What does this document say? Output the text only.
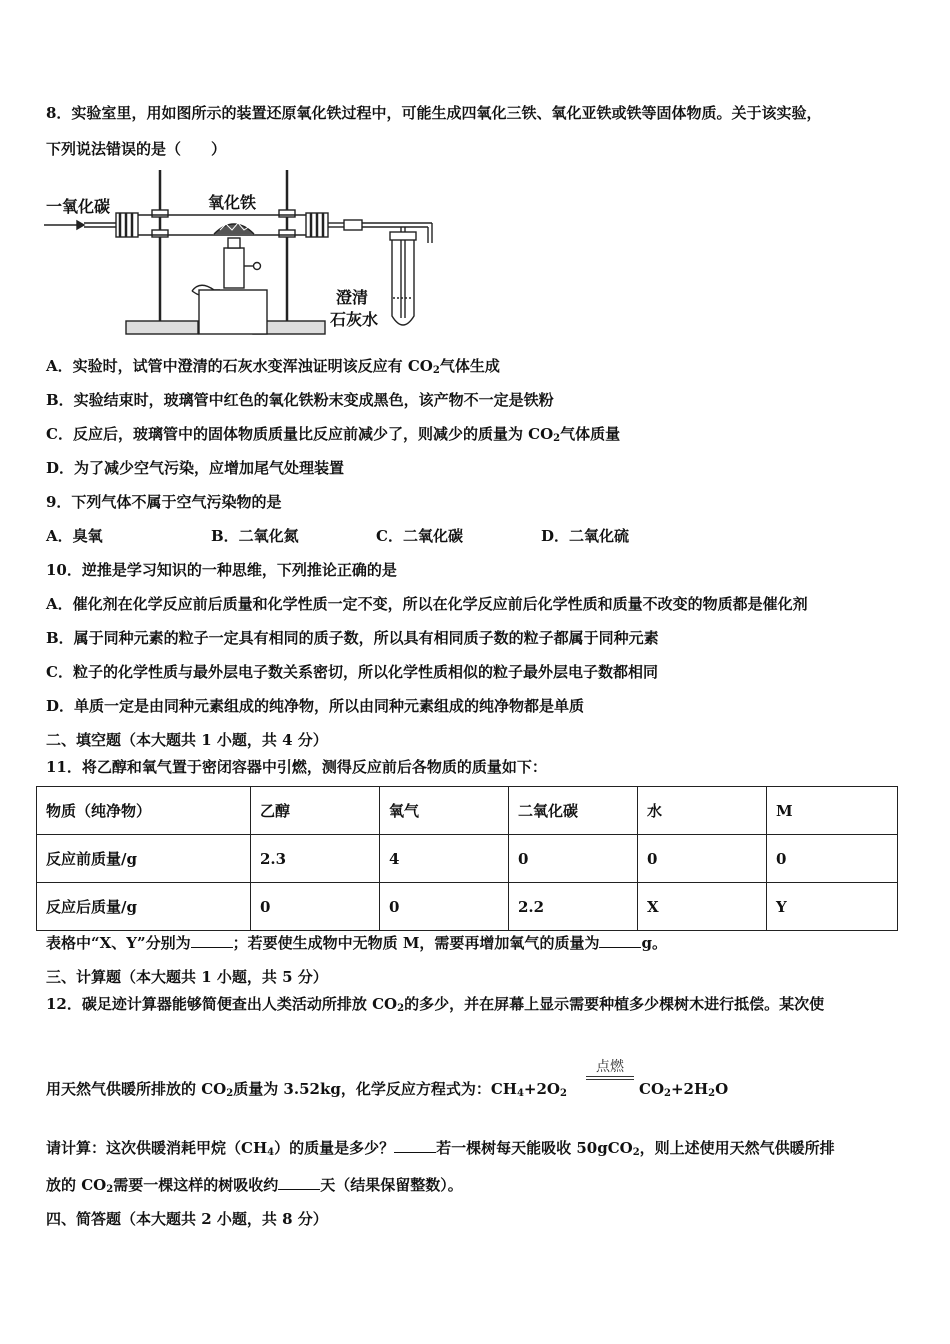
8．实验室里，用如图所示的装置还原氧化铁过程中，可能生成四氧化三铁、氧化亚铁或铁等固体物质。关于该实验，
下列说法错误的是（　　）
一氧化碳	氧化铁
澄清
石灰水
A．实验时，试管中澄清的石灰水变浑浊证明该反应有 $CO_2$气体生成
B．实验结束时，玻璃管中红色的氧化铁粉末变成黑色，该产物不一定是铁粉
C．反应后，玻璃管中的固体物质质量比反应前减少了，则减少的质量为 $CO_2$气体质量
D．为了减少空气污染，应增加尾气处理装置
9．下列气体不属于空气污染物的是
A．臭氧	B．二氧化氮	C．二氧化碳	D．二氧化硫
10．逆推是学习知识的一种思维，下列推论正确的是
A．催化剂在化学反应前后质量和化学性质一定不变，所以在化学反应前后化学性质和质量不改变的物质都是催化剂
B．属于同种元素的粒子一定具有相同的质子数，所以具有相同质子数的粒子都属于同种元素
C．粒子的化学性质与最外层电子数关系密切，所以化学性质相似的粒子最外层电子数都相同
D．单质一定是由同种元素组成的纯净物，所以由同种元素组成的纯净物都是单质
二、填空题（本大题共 1 小题，共 4 分）
11．将乙醇和氧气置于密闭容器中引燃，测得反应前后各物质的质量如下：
物质（纯净物）	乙醇	氧气	二氧化碳	水	M
反应前质量/g	2.3	4	0	0	0
反应后质量/g	0	0	2.2	X	Y
表格中“X、Y”分别为	；若要使生成物中无物质 M，需要再增加氧气的质量为	g。
三、计算题（本大题共 1 小题，共 5 分）
12．碳足迹计算器能够简便查出人类活动所排放 $CO_2$的多少，并在屏幕上显示需要种植多少棵树木进行抵偿。某次使
用天然气供暖所排放的 $CO_2$质量为 3.52kg，化学反应方程式为：$CH_4+2O_2$
点燃
$CO_2+2H_2O$
请计算：这次供暖消耗甲烷$(CH_4)$的质量是多少？	若一棵树每天能吸收 50gCO$_2$，则上述使用天然气供暖所排
放的 $CO_2$需要一棵这样的树吸收约	天（结果保留整数）。
四、简答题（本大题共 2 小题，共 8 分）
